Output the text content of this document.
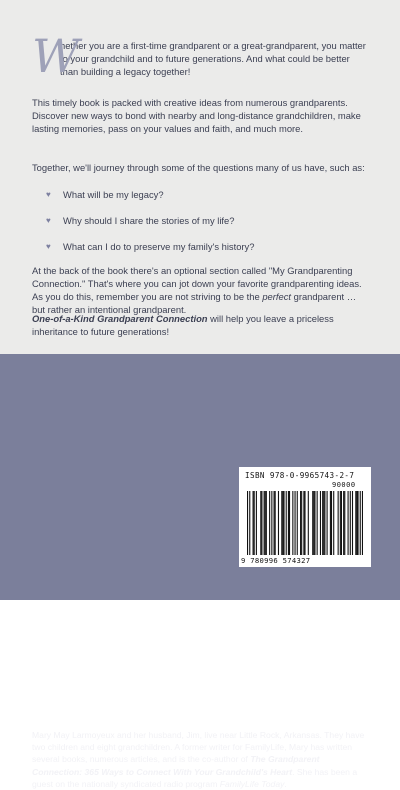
W
hether you are a first-time grandparent or a great-grandparent, you matter to your grandchild and to future generations. And what could be better than building a legacy together!

This timely book is packed with creative ideas from numerous grandparents. Discover new ways to bond with nearby and long-distance grandchildren, make lasting memories, pass on your values and faith, and much more.

Together, we'll journey through some of the questions many of us have, such as:

♥ What will be my legacy?
♥ Why should I share the stories of my life?
♥ What can I do to preserve my family's history?

At the back of the book there's an optional section called "My Grandparenting Connection." That's where you can jot down your favorite grandparenting ideas. As you do this, remember you are not striving to be the perfect grandparent … but rather an intentional grandparent.

One-of-a-Kind Grandparent Connection will help you leave a priceless inheritance to future generations!

Mary May Larmoyeux and her husband, Jim, live near Little Rock, Arkansas. They have two children and eight grandchildren. A former writer for FamilyLife, Mary has written several books, numerous articles, and is the co-author of The Grandparent Connection: 365 Ways to Connect With Your Grandchild's Heart. She has been a guest on the nationally syndicated radio program FamilyLife Today.

ISBN 978-0-9965743-2-7
90000
9 780996 574327
